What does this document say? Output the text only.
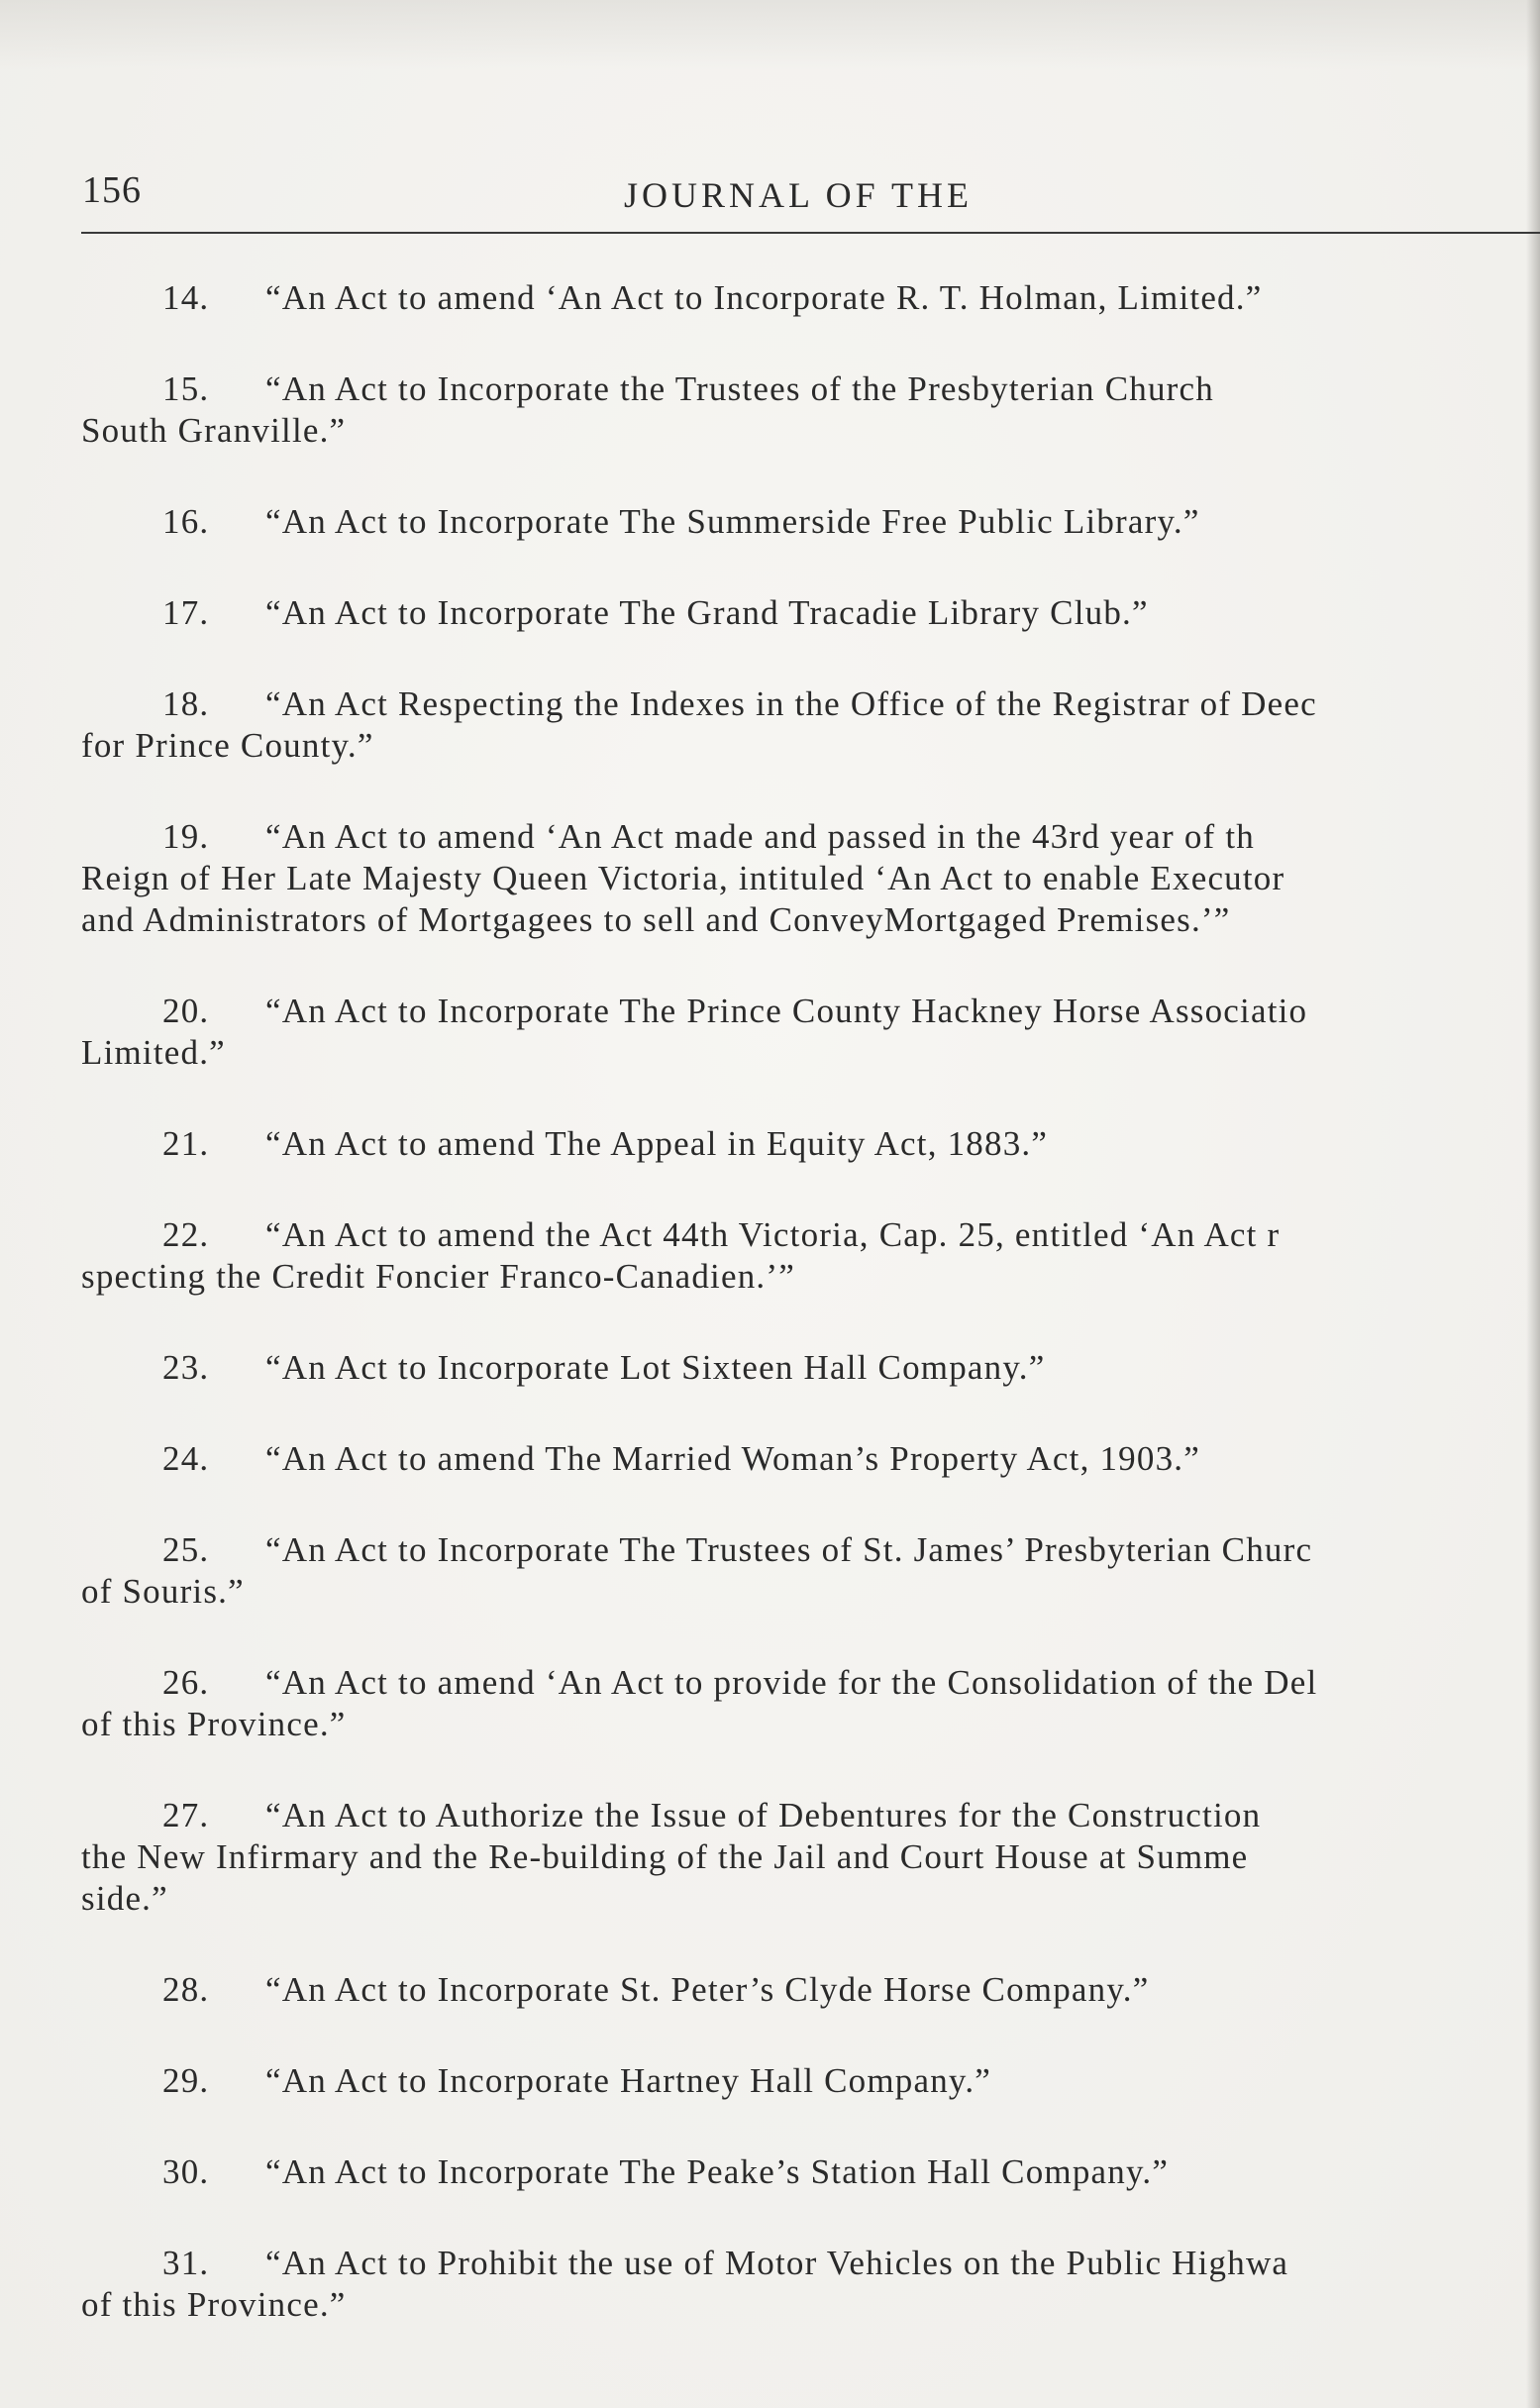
156	JOURNAL OF THE
14. “An Act to amend ‘An Act to Incorporate R. T. Holman, Limited.”
15. “An Act to Incorporate the Trustees of the Presbyterian Church
South Granville.”
16. “An Act to Incorporate The Summerside Free Public Library.”
17. “An Act to Incorporate The Grand Tracadie Library Club.”
18. “An Act Respecting the Indexes in the Office of the Registrar of Deec
for Prince County.”
19. “An Act to amend ‘An Act made and passed in the 43rd year of th
Reign of Her Late Majesty Queen Victoria, intituled ‘An Act to enable Executor
and Administrators of Mortgagees to sell and ConveyMortgaged Premises.’”
20. “An Act to Incorporate The Prince County Hackney Horse Associatio
Limited.”
21. “An Act to amend The Appeal in Equity Act, 1883.”
22. “An Act to amend the Act 44th Victoria, Cap. 25, entitled ‘An Act r
specting the Credit Foncier Franco-Canadien.’”
23. “An Act to Incorporate Lot Sixteen Hall Company.”
24. “An Act to amend The Married Woman’s Property Act, 1903.”
25. “An Act to Incorporate The Trustees of St. James’ Presbyterian Churc
of Souris.”
26. “An Act to amend ‘An Act to provide for the Consolidation of the Del
of this Province.”
27. “An Act to Authorize the Issue of Debentures for the Construction
the New Infirmary and the Re-building of the Jail and Court House at Summe
side.”
28. “An Act to Incorporate St. Peter’s Clyde Horse Company.”
29. “An Act to Incorporate Hartney Hall Company.”
30. “An Act to Incorporate The Peake’s Station Hall Company.”
31. “An Act to Prohibit the use of Motor Vehicles on the Public Highwa
of this Province.”
